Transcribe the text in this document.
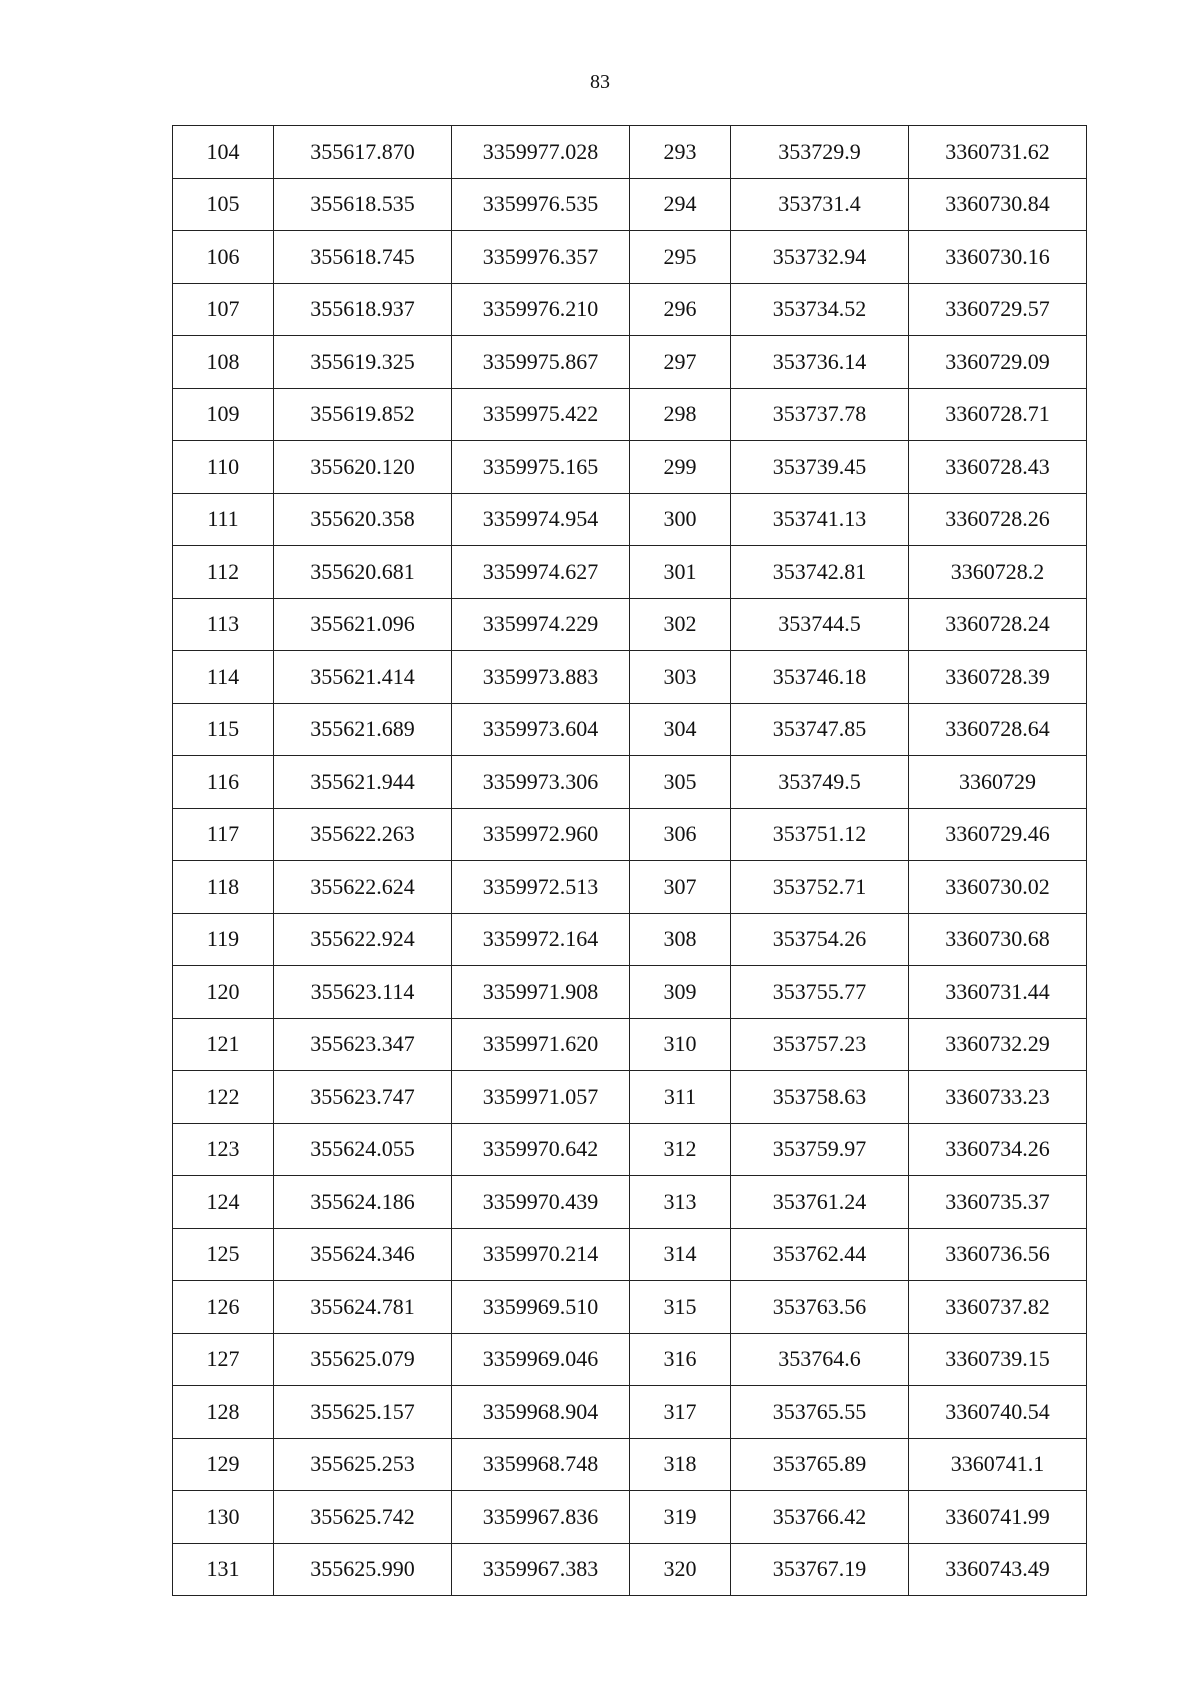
83
104	355617.870	3359977.028	293	353729.9	3360731.62
105	355618.535	3359976.535	294	353731.4	3360730.84
106	355618.745	3359976.357	295	353732.94	3360730.16
107	355618.937	3359976.210	296	353734.52	3360729.57
108	355619.325	3359975.867	297	353736.14	3360729.09
109	355619.852	3359975.422	298	353737.78	3360728.71
110	355620.120	3359975.165	299	353739.45	3360728.43
111	355620.358	3359974.954	300	353741.13	3360728.26
112	355620.681	3359974.627	301	353742.81	3360728.2
113	355621.096	3359974.229	302	353744.5	3360728.24
114	355621.414	3359973.883	303	353746.18	3360728.39
115	355621.689	3359973.604	304	353747.85	3360728.64
116	355621.944	3359973.306	305	353749.5	3360729
117	355622.263	3359972.960	306	353751.12	3360729.46
118	355622.624	3359972.513	307	353752.71	3360730.02
119	355622.924	3359972.164	308	353754.26	3360730.68
120	355623.114	3359971.908	309	353755.77	3360731.44
121	355623.347	3359971.620	310	353757.23	3360732.29
122	355623.747	3359971.057	311	353758.63	3360733.23
123	355624.055	3359970.642	312	353759.97	3360734.26
124	355624.186	3359970.439	313	353761.24	3360735.37
125	355624.346	3359970.214	314	353762.44	3360736.56
126	355624.781	3359969.510	315	353763.56	3360737.82
127	355625.079	3359969.046	316	353764.6	3360739.15
128	355625.157	3359968.904	317	353765.55	3360740.54
129	355625.253	3359968.748	318	353765.89	3360741.1
130	355625.742	3359967.836	319	353766.42	3360741.99
131	355625.990	3359967.383	320	353767.19	3360743.49
